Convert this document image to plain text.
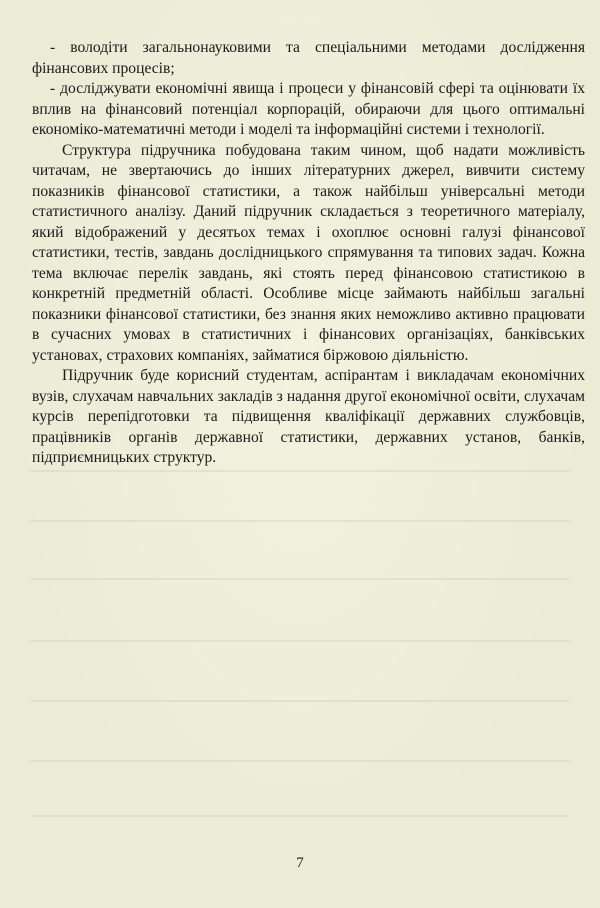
- володіти загальнонауковими та спеціальними методами дослідження фінансових процесів;

- досліджувати економічні явища і процеси у фінансовій сфері та оцінювати їх вплив на фінансовий потенціал корпорацій, обираючи для цього оптимальні економіко-математичні методи і моделі та інформаційні системи і технології.

Структура підручника побудована таким чином, щоб надати можливість читачам, не звертаючись до інших літературних джерел, вивчити систему показників фінансової статистики, а також найбільш універсальні методи статистичного аналізу. Даний підручник складається з теоретичного матеріалу, який відображений у десятьох темах і охоплює основні галузі фінансової статистики, тестів, завдань дослідницького спрямування та типових задач. Кожна тема включає перелік завдань, які стоять перед фінансовою статистикою в конкретній предметній області. Особливе місце займають найбільш загальні показники фінансової статистики, без знання яких неможливо активно працювати в сучасних умовах в статистичних і фінансових організаціях, банківських установах, страхових компаніях, займатися біржовою діяльністю.

Підручник буде корисний студентам, аспірантам і викладачам економічних вузів, слухачам навчальних закладів з надання другої економічної освіти, слухачам курсів перепідготовки та підвищення кваліфікації державних службовців, працівників органів державної статистики, державних установ, банків, підприємницьких структур.

7
